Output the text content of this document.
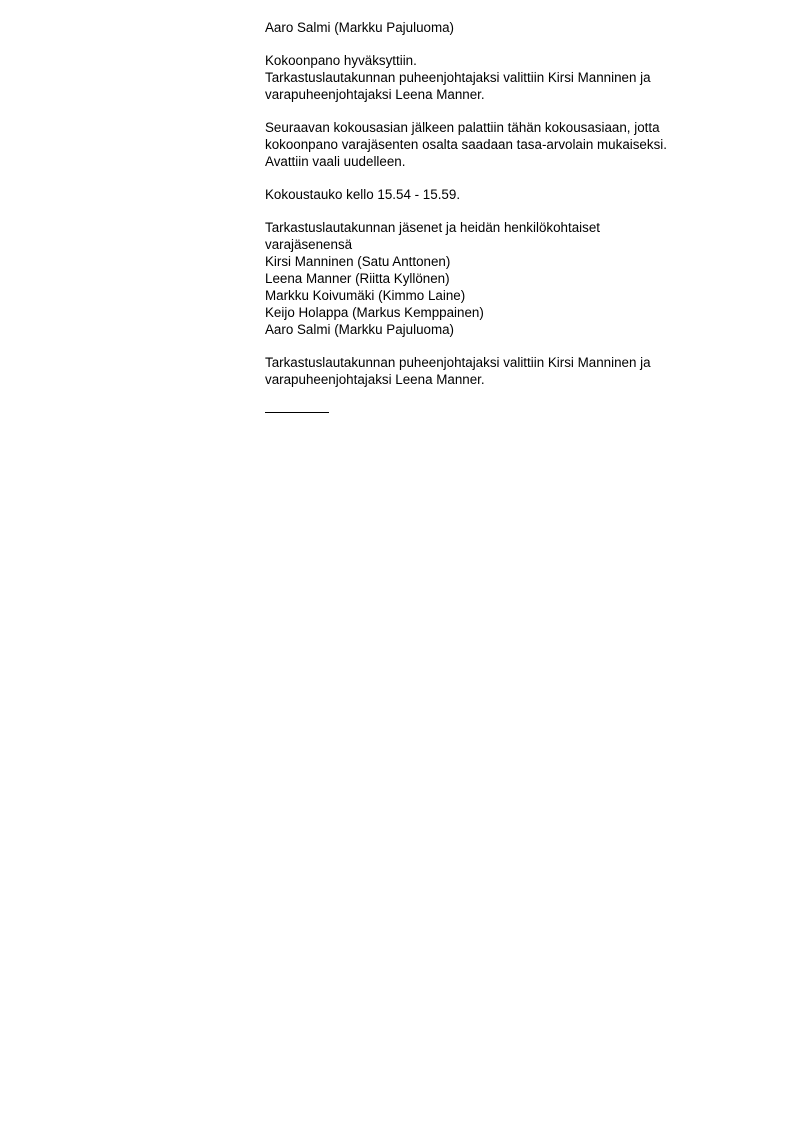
Aaro Salmi (Markku Pajuluoma)
Kokoonpano hyväksyttiin.
Tarkastuslautakunnan puheenjohtajaksi valittiin Kirsi Manninen ja
varapuheenjohtajaksi Leena Manner.
Seuraavan kokousasian jälkeen palattiin tähän kokousasiaan, jotta
kokoonpano varajäsenten osalta saadaan tasa-arvolain mukaiseksi.
Avattiin vaali uudelleen.
Kokoustauko kello 15.54 - 15.59.
Tarkastuslautakunnan jäsenet ja heidän henkilökohtaiset
varajäsenensä
Kirsi Manninen (Satu Anttonen)
Leena Manner (Riitta Kyllönen)
Markku Koivumäki (Kimmo Laine)
Keijo Holappa (Markus Kemppainen)
Aaro Salmi (Markku Pajuluoma)
Tarkastuslautakunnan puheenjohtajaksi valittiin Kirsi Manninen ja
varapuheenjohtajaksi Leena Manner.
